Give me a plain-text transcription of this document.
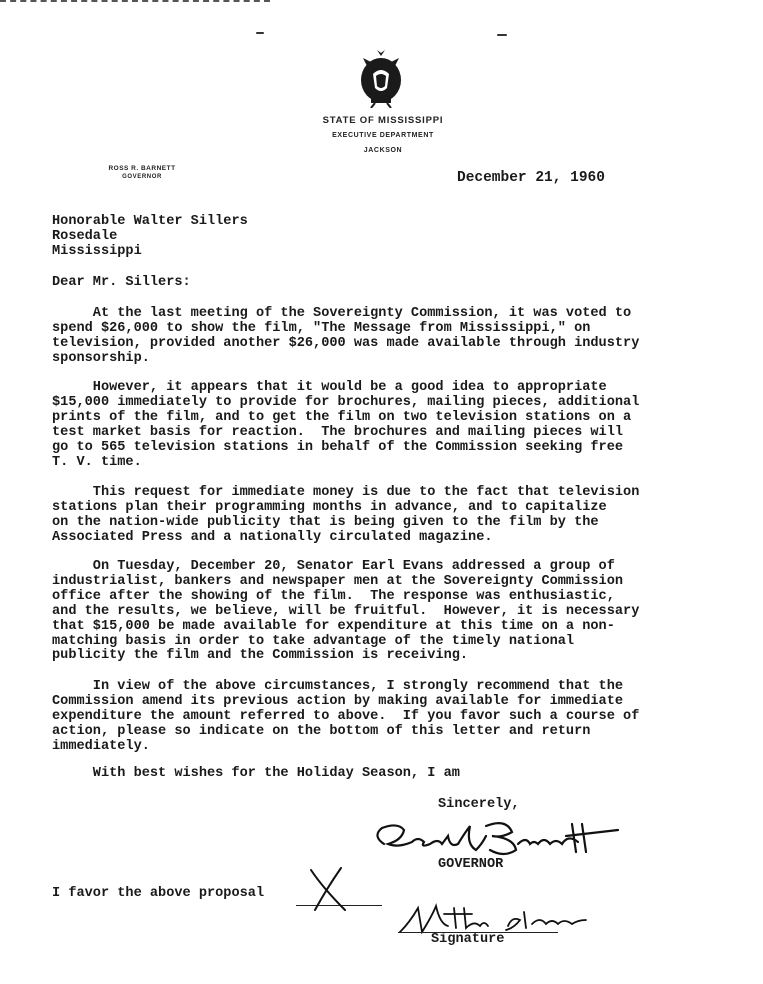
STATE OF MISSISSIPPI
EXECUTIVE DEPARTMENT
JACKSON
ROSS R. BARNETT
GOVERNOR	December 21, 1960
Honorable Walter Sillers
Rosedale
Mississippi
Dear Mr. Sillers:
At the last meeting of the Sovereignty Commission, it was voted to
spend $26,000 to show the film, "The Message from Mississippi," on
television, provided another $26,000 was made available through industry
sponsorship.
However, it appears that it would be a good idea to appropriate
$15,000 immediately to provide for brochures, mailing pieces, additional
prints of the film, and to get the film on two television stations on a
test market basis for reaction.  The brochures and mailing pieces will
go to 565 television stations in behalf of the Commission seeking free
T. V. time.
This request for immediate money is due to the fact that television
stations plan their programming months in advance, and to capitalize
on the nation-wide publicity that is being given to the film by the
Associated Press and a nationally circulated magazine.
On Tuesday, December 20, Senator Earl Evans addressed a group of
industrialist, bankers and newspaper men at the Sovereignty Commission
office after the showing of the film.  The response was enthusiastic,
and the results, we believe, will be fruitful.  However, it is necessary
that $15,000 be made available for expenditure at this time on a non-
matching basis in order to take advantage of the timely national
publicity the film and the Commission is receiving.
In view of the above circumstances, I strongly recommend that the
Commission amend its previous action by making available for immediate
expenditure the amount referred to above.  If you favor such a course of
action, please so indicate on the bottom of this letter and return
immediately.
With best wishes for the Holiday Season, I am
Sincerely,
GOVERNOR
I favor the above proposal
Signature
